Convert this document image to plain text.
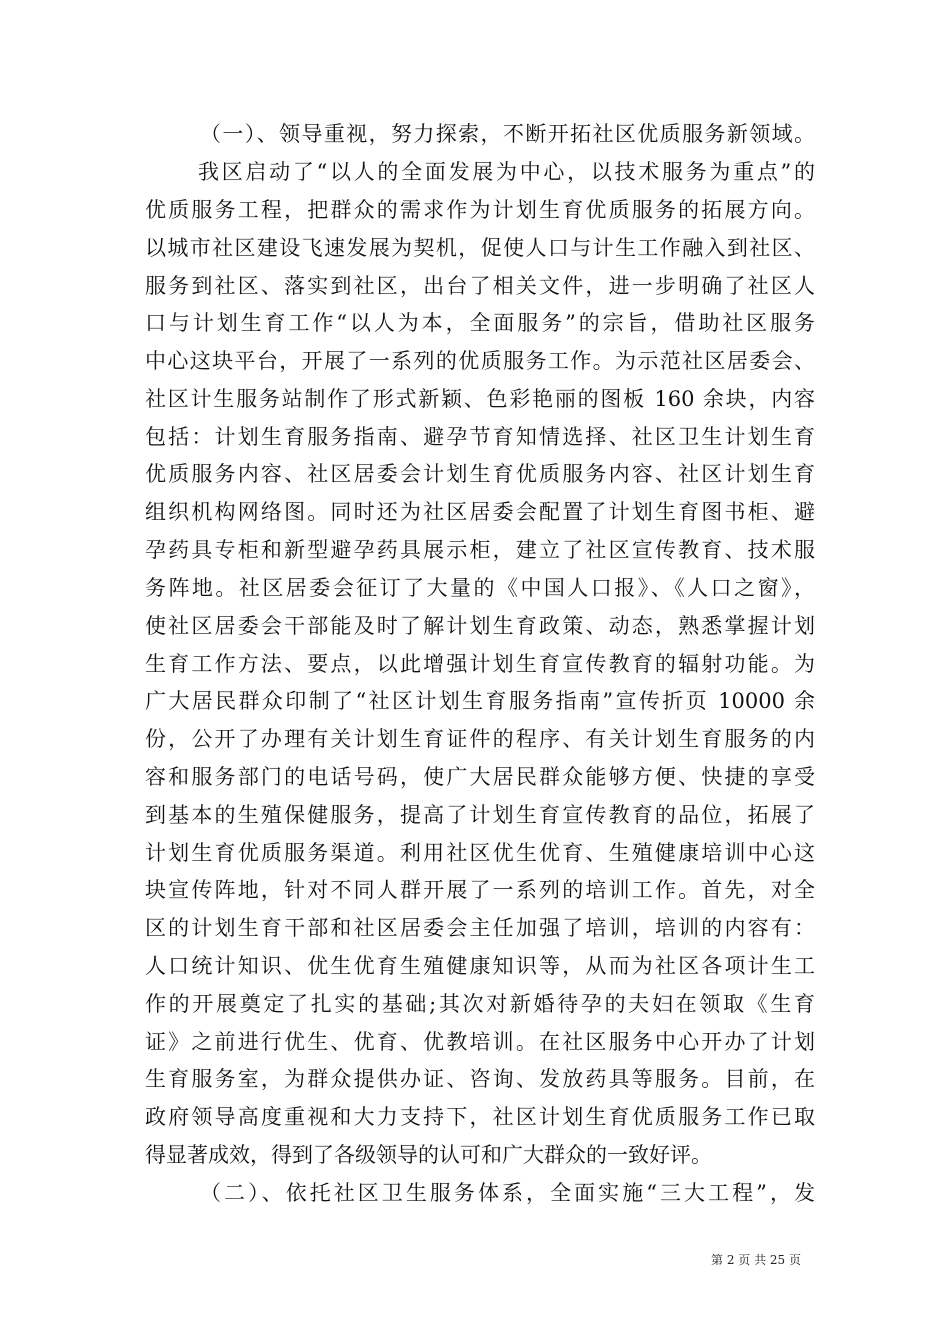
（一）、领导重视，努力探索，不断开拓社区优质服务新领域。
我区启动了“以人的全面发展为中心，以技术服务为重点”的
优质服务工程，把群众的需求作为计划生育优质服务的拓展方向。
以城市社区建设飞速发展为契机，促使人口与计生工作融入到社区、
服务到社区、落实到社区，出台了相关文件，进一步明确了社区人
口与计划生育工作“以人为本，全面服务”的宗旨，借助社区服务
中心这块平台，开展了一系列的优质服务工作。为示范社区居委会、
社区计生服务站制作了形式新颖、色彩艳丽的图板 160 余块，内容
包括：计划生育服务指南、避孕节育知情选择、社区卫生计划生育
优质服务内容、社区居委会计划生育优质服务内容、社区计划生育
组织机构网络图。同时还为社区居委会配置了计划生育图书柜、避
孕药具专柜和新型避孕药具展示柜，建立了社区宣传教育、技术服
务阵地。社区居委会征订了大量的《中国人口报》、《人口之窗》，
使社区居委会干部能及时了解计划生育政策、动态，熟悉掌握计划
生育工作方法、要点，以此增强计划生育宣传教育的辐射功能。为
广大居民群众印制了“社区计划生育服务指南”宣传折页 10000 余
份，公开了办理有关计划生育证件的程序、有关计划生育服务的内
容和服务部门的电话号码，使广大居民群众能够方便、快捷的享受
到基本的生殖保健服务，提高了计划生育宣传教育的品位，拓展了
计划生育优质服务渠道。利用社区优生优育、生殖健康培训中心这
块宣传阵地，针对不同人群开展了一系列的培训工作。首先，对全
区的计划生育干部和社区居委会主任加强了培训，培训的内容有：
人口统计知识、优生优育生殖健康知识等，从而为社区各项计生工
作的开展奠定了扎实的基础;其次对新婚待孕的夫妇在领取《生育
证》之前进行优生、优育、优教培训。在社区服务中心开办了计划
生育服务室，为群众提供办证、咨询、发放药具等服务。目前，在
政府领导高度重视和大力支持下，社区计划生育优质服务工作已取
得显著成效，得到了各级领导的认可和广大群众的一致好评。
（二）、依托社区卫生服务体系，全面实施“三大工程”，发
第 2 页 共 25 页
